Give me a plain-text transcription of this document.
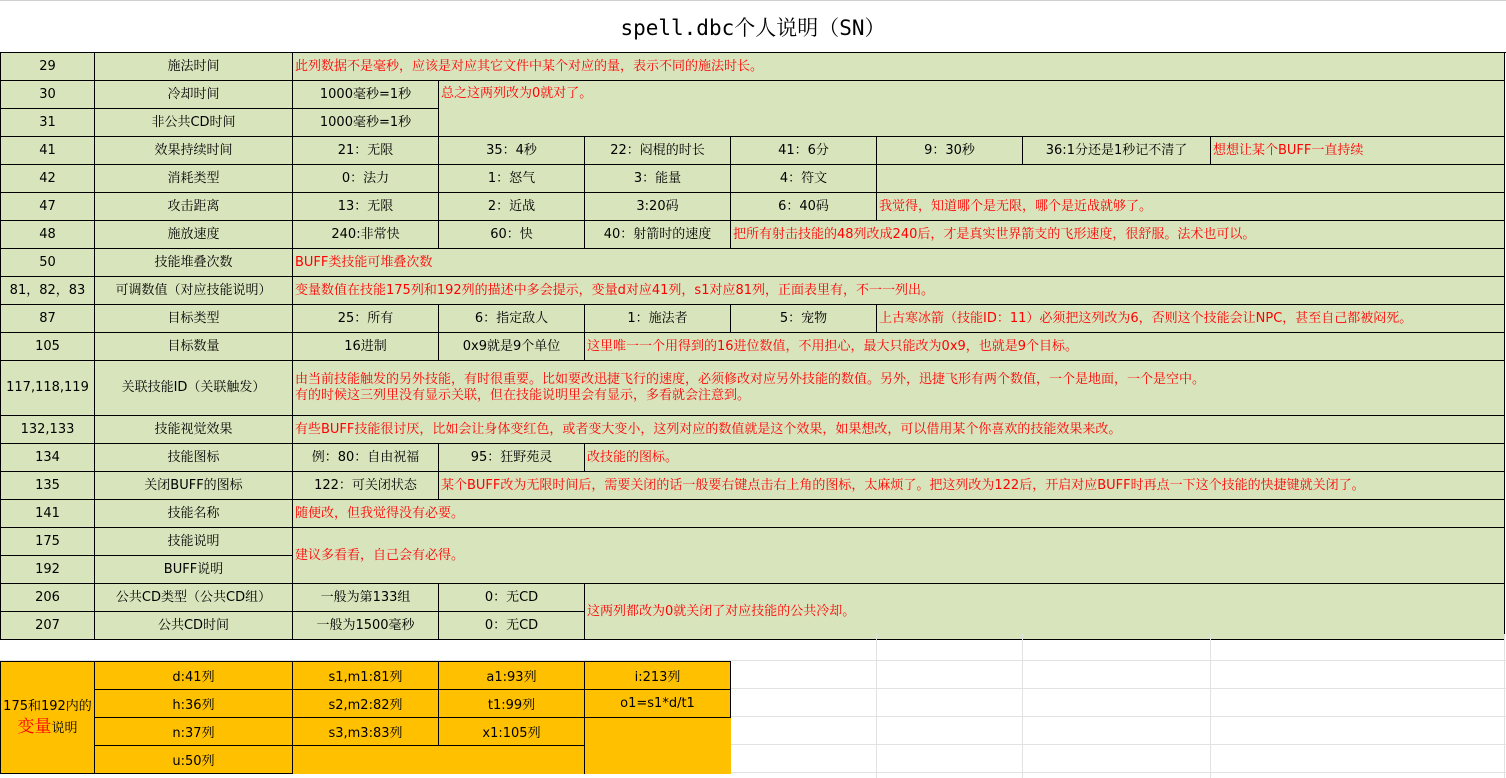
spell.dbc个人说明（SN）
29	施法时间	此列数据不是毫秒，应该是对应其它文件中某个对应的量，表示不同的施法时长。						
30	冷却时间	1000毫秒=1秒	总之这两列改为0就对了。					
31	非公共CD时间	1000毫秒=1秒						
41	效果持续时间	21：无限	35：4秒	22：闷棍的时长	41：6分	9：30秒	36:1分还是1秒记不清了	想想让某个BUFF一直持续
42	消耗类型	0：法力	1：怒气	3：能量	4：符文			
47	攻击距离	13：无限	2：近战	3:20码	6：40码	我觉得，知道哪个是无限，哪个是近战就够了。		
48	施放速度	240:非常快	60：快	40：射箭时的速度	把所有射击技能的48列改成240后，才是真实世界箭支的飞形速度，很舒服。法术也可以。			
50	技能堆叠次数	BUFF类技能可堆叠次数						
81，82，83	可调数值（对应技能说明）	变量数值在技能175列和192列的描述中多会提示，变量d对应41列，s1对应81列，正面表里有，不一一列出。						
87	目标类型	25：所有	6：指定敌人	1：施法者	5：宠物	上古寒冰箭（技能ID：11）必须把这列改为6，否则这个技能会让NPC，甚至自己都被闷死。		
105	目标数量	16进制	0x9就是9个单位	这里唯一一个用得到的16进位数值，不用担心，最大只能改为0x9，也就是9个目标。				
117,118,119	关联技能ID（关联触发）	由当前技能触发的另外技能，有时很重要。比如要改迅捷飞行的速度，必须修改对应另外技能的数值。另外，迅捷飞形有两个数值，一个是地面，一个是空中。
有的时候这三列里没有显示关联，但在技能说明里会有显示，多看就会注意到。						

132,133	技能视觉效果	有些BUFF技能很讨厌，比如会让身体变红色，或者变大变小，这列对应的数值就是这个效果，如果想改，可以借用某个你喜欢的技能效果来改。						
134	技能图标	例：80：自由祝福	95：狂野苑灵	改技能的图标。				
135	关闭BUFF的图标	122：可关闭状态	某个BUFF改为无限时间后，需要关闭的话一般要右键点击右上角的图标，太麻烦了。把这列改为122后，开启对应BUFF时再点一下这个技能的快捷键就关闭了。					
141	技能名称	随便改，但我觉得没有必要。						
175	技能说明	建议多看看，自己会有必得。						
192	BUFF说明							
206	公共CD类型（公共CD组）	一般为第133组	0：无CD	这两列都改为0就关闭了对应技能的公共冷却。				
207	公共CD时间	一般为1500毫秒	0：无CD					
175和192内的变量说明	d:41列	s1,m1:81列	a1:93列	i:213列
	h:36列	s2,m2:82列	t1:99列	o1=s1*d/t1
	n:37列	s3,m3:83列	x1:105列	
	u:50列			
